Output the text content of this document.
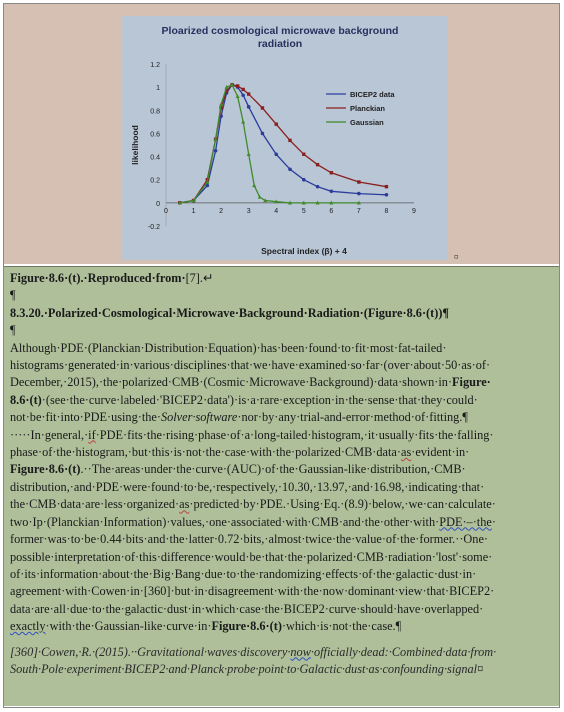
Ploarized cosmological microwave background
radiation
1.2
1
0.8
0.6
0.4
0.2
0
-0.2
0	1	2	3	4	5	6	7	8	9
Spectral index (β) + 4
likelihood
BICEP2 data
Planckian
Gaussian
¤

Figure·8.6·(t).·Reproduced·from·[7].↵

¶

8.3.20.·Polarized·Cosmological·Microwave·Background·Radiation·(Figure·8.6·(t))¶

¶

Although·PDE·(Planckian·Distribution·Equation)·has·been·found·to·fit·most·fat-tailed· histograms·generated·in·various·disciplines·that·we·have·examined·so·far·(over·about·50·as·of· December,·2015),·the·polarized·CMB·(Cosmic·Microwave·Background)·data·shown·in·Figure· 8.6·(t)·(see·the·curve·labeled·'BICEP2·data')·is·a·rare·exception·in·the·sense·that·they·could· not·be·fit·into·PDE·using·the·Solver·software·nor·by·any·trial-and-error·method·of·fitting.¶

·····In·general,·if·PDE·fits·the·rising·phase·of·a·long-tailed·histogram,·it·usually·fits·the·falling· phase·of·the·histogram,·but·this·is·not·the·case·with·the·polarized·CMB·data·as·evident·in· Figure·8.6·(t).··The·areas·under·the·curve·(AUC)·of·the·Gaussian-like·distribution,·CMB· distribution,·and·PDE·were·found·to·be,·respectively,·10.30,·13.97,·and·16.98,·indicating·that· the·CMB·data·are·less·organized·as·predicted·by·PDE.·Using·Eq.·(8.9)·below,·we·can·calculate· two·Ip·(Planckian·Information)·values,·one·associated·with·CMB·and·the·other·with·PDE·–·the· former·was·to·be·0.44·bits·and·the·latter·0.72·bits,·almost·twice·the·value·of·the·former.··One· possible·interpretation·of·this·difference·would·be·that·the·polarized·CMB·radiation·'lost'·some· of·its·information·about·the·Big·Bang·due·to·the·randomizing·effects·of·the·galactic·dust·in· agreement·with·Cowen·in·[360]·but·in·disagreement·with·the·now·dominant·view·that·BICEP2· data·are·all·due·to·the·galactic·dust·in·which·case·the·BICEP2·curve·should·have·overlapped· exactly·with·the·Gaussian-like·curve·in·Figure·8.6·(t)·which·is·not·the·case.¶

[360]·Cowen,·R.·(2015).··Gravitational·waves·discovery·now·officially·dead:·Combined·data·from· South·Pole·experiment·BICEP2·and·Planck·probe·point·to·Galactic·dust·as·confounding·signal¤
